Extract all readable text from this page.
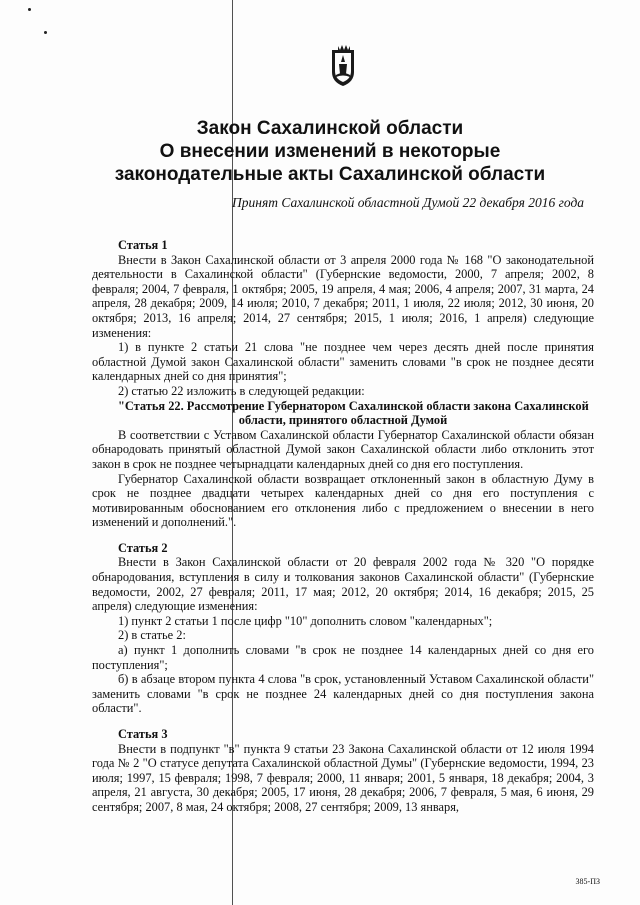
Закон Сахалинской области
О внесении изменений в некоторые
законодательные акты Сахалинской области
Принят Сахалинской областной Думой 22 декабря 2016 года

Статья 1

Внести в Закон Сахалинской области от 3 апреля 2000 года № 168 "О законодательной деятельности в Сахалинской области" (Губернские ведомости, 2000, 7 апреля; 2002, 8 февраля; 2004, 7 февраля, 1 октября; 2005, 19 апреля, 4 мая; 2006, 4 апреля; 2007, 31 марта, 24 апреля, 28 декабря; 2009, 14 июля; 2010, 7 декабря; 2011, 1 июля, 22 июля; 2012, 30 июня, 20 октября; 2013, 16 апреля; 2014, 27 сентября; 2015, 1 июля; 2016, 1 апреля) следующие изменения:

1) в пункте 2 статьи 21 слова "не позднее чем через десять дней после принятия областной Думой закон Сахалинской области" заменить словами "в срок не позднее десяти календарных дней со дня принятия";

2) статью 22 изложить в следующей редакции:

"Статья 22. Рассмотрение Губернатором Сахалинской области закона Сахалинской

области, принятого областной Думой

В соответствии с Уставом Сахалинской области Губернатор Сахалинской области обязан обнародовать принятый областной Думой закон Сахалинской области либо отклонить этот закон в срок не позднее четырнадцати календарных дней со дня его поступления.

Губернатор Сахалинской области возвращает отклоненный закон в областную Думу в срок не позднее двадцати четырех календарных дней со дня его поступления с мотивированным обоснованием его отклонения либо с предложением о внесении в него изменений и дополнений.".

Статья 2

Внести в Закон Сахалинской области от 20 февраля 2002 года № 320 "О порядке обнародования, вступления в силу и толкования законов Сахалинской области" (Губернские ведомости, 2002, 27 февраля; 2011, 17 мая; 2012, 20 октября; 2014, 16 декабря; 2015, 25 апреля) следующие изменения:

1) пункт 2 статьи 1 после цифр "10" дополнить словом "календарных";

2) в статье 2:

а) пункт 1 дополнить словами "в срок не позднее 14 календарных дней со дня его поступления";

б) в абзаце втором пункта 4 слова "в срок, установленный Уставом Сахалинской области" заменить словами "в срок не позднее 24 календарных дней со дня поступления закона области".

Статья 3

Внести в подпункт "в" пункта 9 статьи 23 Закона Сахалинской области от 12 июля 1994 года № 2 "О статусе депутата Сахалинской областной Думы" (Губернские ведомости, 1994, 23 июля; 1997, 15 февраля; 1998, 7 февраля; 2000, 11 января; 2001, 5 января, 18 декабря; 2004, 3 апреля, 21 августа, 30 декабря; 2005, 17 июня, 28 декабря; 2006, 7 февраля, 5 мая, 6 июня, 29 сентября; 2007, 8 мая, 24 октября; 2008, 27 сентября; 2009, 13 января,

385-ПЗ
